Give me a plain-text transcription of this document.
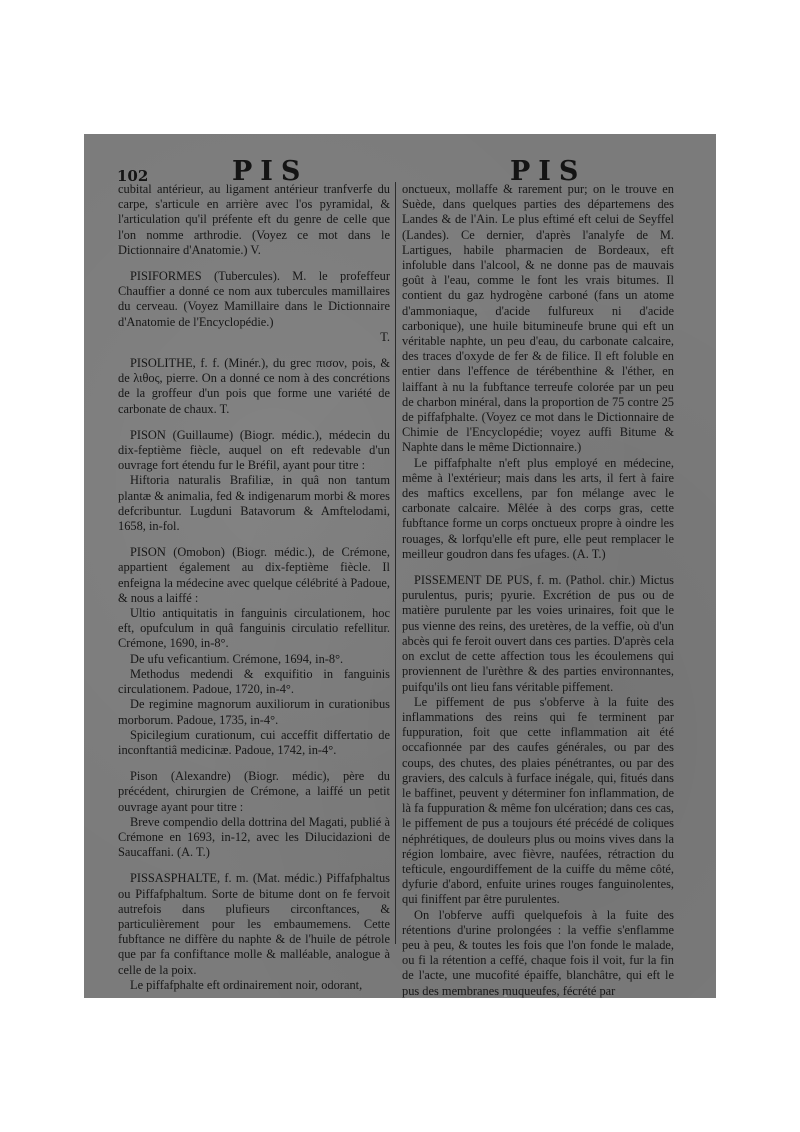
102	PIS	PIS

cubital antérieur, au ligament antérieur tranfverfe du carpe, s'articule en arrière avec l'os pyramidal, & l'articulation qu'il préfente eft du genre de celle que l'on nomme arthrodie. (Voyez ce mot dans le Dictionnaire d'Anatomie.) V.

PISIFORMES (Tubercules). M. le profeffeur Chauffier a donné ce nom aux tubercules mamillaires du cerveau. (Voyez Mamillaire dans le Dictionnaire d'Anatomie de l'Encyclopédie.)

T.

PISOLITHE, f. f. (Minér.), du grec πισον, pois, & de λιθος, pierre. On a donné ce nom à des concrétions de la groffeur d'un pois que forme une variété de carbonate de chaux. T.

PISON (Guillaume) (Biogr. médic.), médecin du dix-feptième fiècle, auquel on eft redevable d'un ouvrage fort étendu fur le Bréfil, ayant pour titre :

Hiftoria naturalis Brafiliæ, in quâ non tantum plantæ & animalia, fed & indigenarum morbi & mores defcribuntur. Lugduni Batavorum & Amftelodami, 1658, in-fol.

PISON (Omobon) (Biogr. médic.), de Crémone, appartient également au dix-feptième fiècle. Il enfeigna la médecine avec quelque célébrité à Padoue, & nous a laiffé :

Ultio antiquitatis in fanguinis circulationem, hoc eft, opufculum in quâ fanguinis circulatio refellitur. Crémone, 1690, in-8°.

De ufu veficantium. Crémone, 1694, in-8°.

Methodus medendi & exquifitio in fanguinis circulationem. Padoue, 1720, in-4°.

De regimine magnorum auxiliorum in curationibus morborum. Padoue, 1735, in-4°.

Spicilegium curationum, cui acceffit differtatio de inconftantiâ medicinæ. Padoue, 1742, in-4°.

Pison (Alexandre) (Biogr. médic), père du précédent, chirurgien de Crémone, a laiffé un petit ouvrage ayant pour titre :

Breve compendio della dottrina del Magati, publié à Crémone en 1693, in-12, avec les Dilucidazioni de Saucaffani. (A. T.)

PISSASPHALTE, f. m. (Mat. médic.) Piffafphaltus ou Piffafphaltum. Sorte de bitume dont on fe fervoit autrefois dans plufieurs circonftances, & particulièrement pour les embaumemens. Cette fubftance ne diffère du naphte & de l'huile de pétrole que par fa confiftance molle & malléable, analogue à celle de la poix.

Le piffafphalte eft ordinairement noir, odorant,

onctueux, mollaffe & rarement pur; on le trouve en Suède, dans quelques parties des départemens des Landes & de l'Ain. Le plus eftimé eft celui de Seyffel (Landes). Ce dernier, d'après l'analyfe de M. Lartigues, habile pharmacien de Bordeaux, eft infoluble dans l'alcool, & ne donne pas de mauvais goût à l'eau, comme le font les vrais bitumes. Il contient du gaz hydrogène carboné (fans un atome d'ammoniaque, d'acide fulfureux ni d'acide carbonique), une huile bitumineufe brune qui eft un véritable naphte, un peu d'eau, du carbonate calcaire, des traces d'oxyde de fer & de filice. Il eft foluble en entier dans l'effence de térébenthine & l'éther, en laiffant à nu la fubftance terreufe colorée par un peu de charbon minéral, dans la proportion de 75 contre 25 de piffafphalte. (Voyez ce mot dans le Dictionnaire de Chimie de l'Encyclopédie; voyez auffi Bitume & Naphte dans le même Dictionnaire.)

Le piffafphalte n'eft plus employé en médecine, même à l'extérieur; mais dans les arts, il fert à faire des maftics excellens, par fon mélange avec le carbonate calcaire. Mêlée à des corps gras, cette fubftance forme un corps onctueux propre à oindre les rouages, & lorfqu'elle eft pure, elle peut remplacer le meilleur goudron dans fes ufages. (A. T.)

PISSEMENT DE PUS, f. m. (Pathol. chir.) Mictus purulentus, puris; pyurie. Excrétion de pus ou de matière purulente par les voies urinaires, foit que le pus vienne des reins, des uretères, de la veffie, où d'un abcès qui fe feroit ouvert dans ces parties. D'après cela on exclut de cette affection tous les écoulemens qui proviennent de l'urèthre & des parties environnantes, puifqu'ils ont lieu fans véritable piffement.

Le piffement de pus s'obferve à la fuite des inflammations des reins qui fe terminent par fuppuration, foit que cette inflammation ait été occafionnée par des caufes générales, ou par des coups, des chutes, des plaies pénétrantes, ou par des graviers, des calculs à furface inégale, qui, fitués dans le baffinet, peuvent y déterminer fon inflammation, de là fa fuppuration & même fon ulcération; dans ces cas, le piffement de pus a toujours été précédé de coliques néphrétiques, de douleurs plus ou moins vives dans la région lombaire, avec fièvre, naufées, rétraction du tefticule, engourdiffement de la cuiffe du même côté, dyfurie d'abord, enfuite urines rouges fanguinolentes, qui finiffent par être purulentes.

On l'obferve auffi quelquefois à la fuite des rétentions d'urine prolongées : la veffie s'enflamme peu à peu, & toutes les fois que l'on fonde le malade, ou fi la rétention a ceffé, chaque fois il voit, fur la fin de l'acte, une mucofité épaiffe, blanchâtre, qui eft le pus des membranes muqueufes, fécrété par
